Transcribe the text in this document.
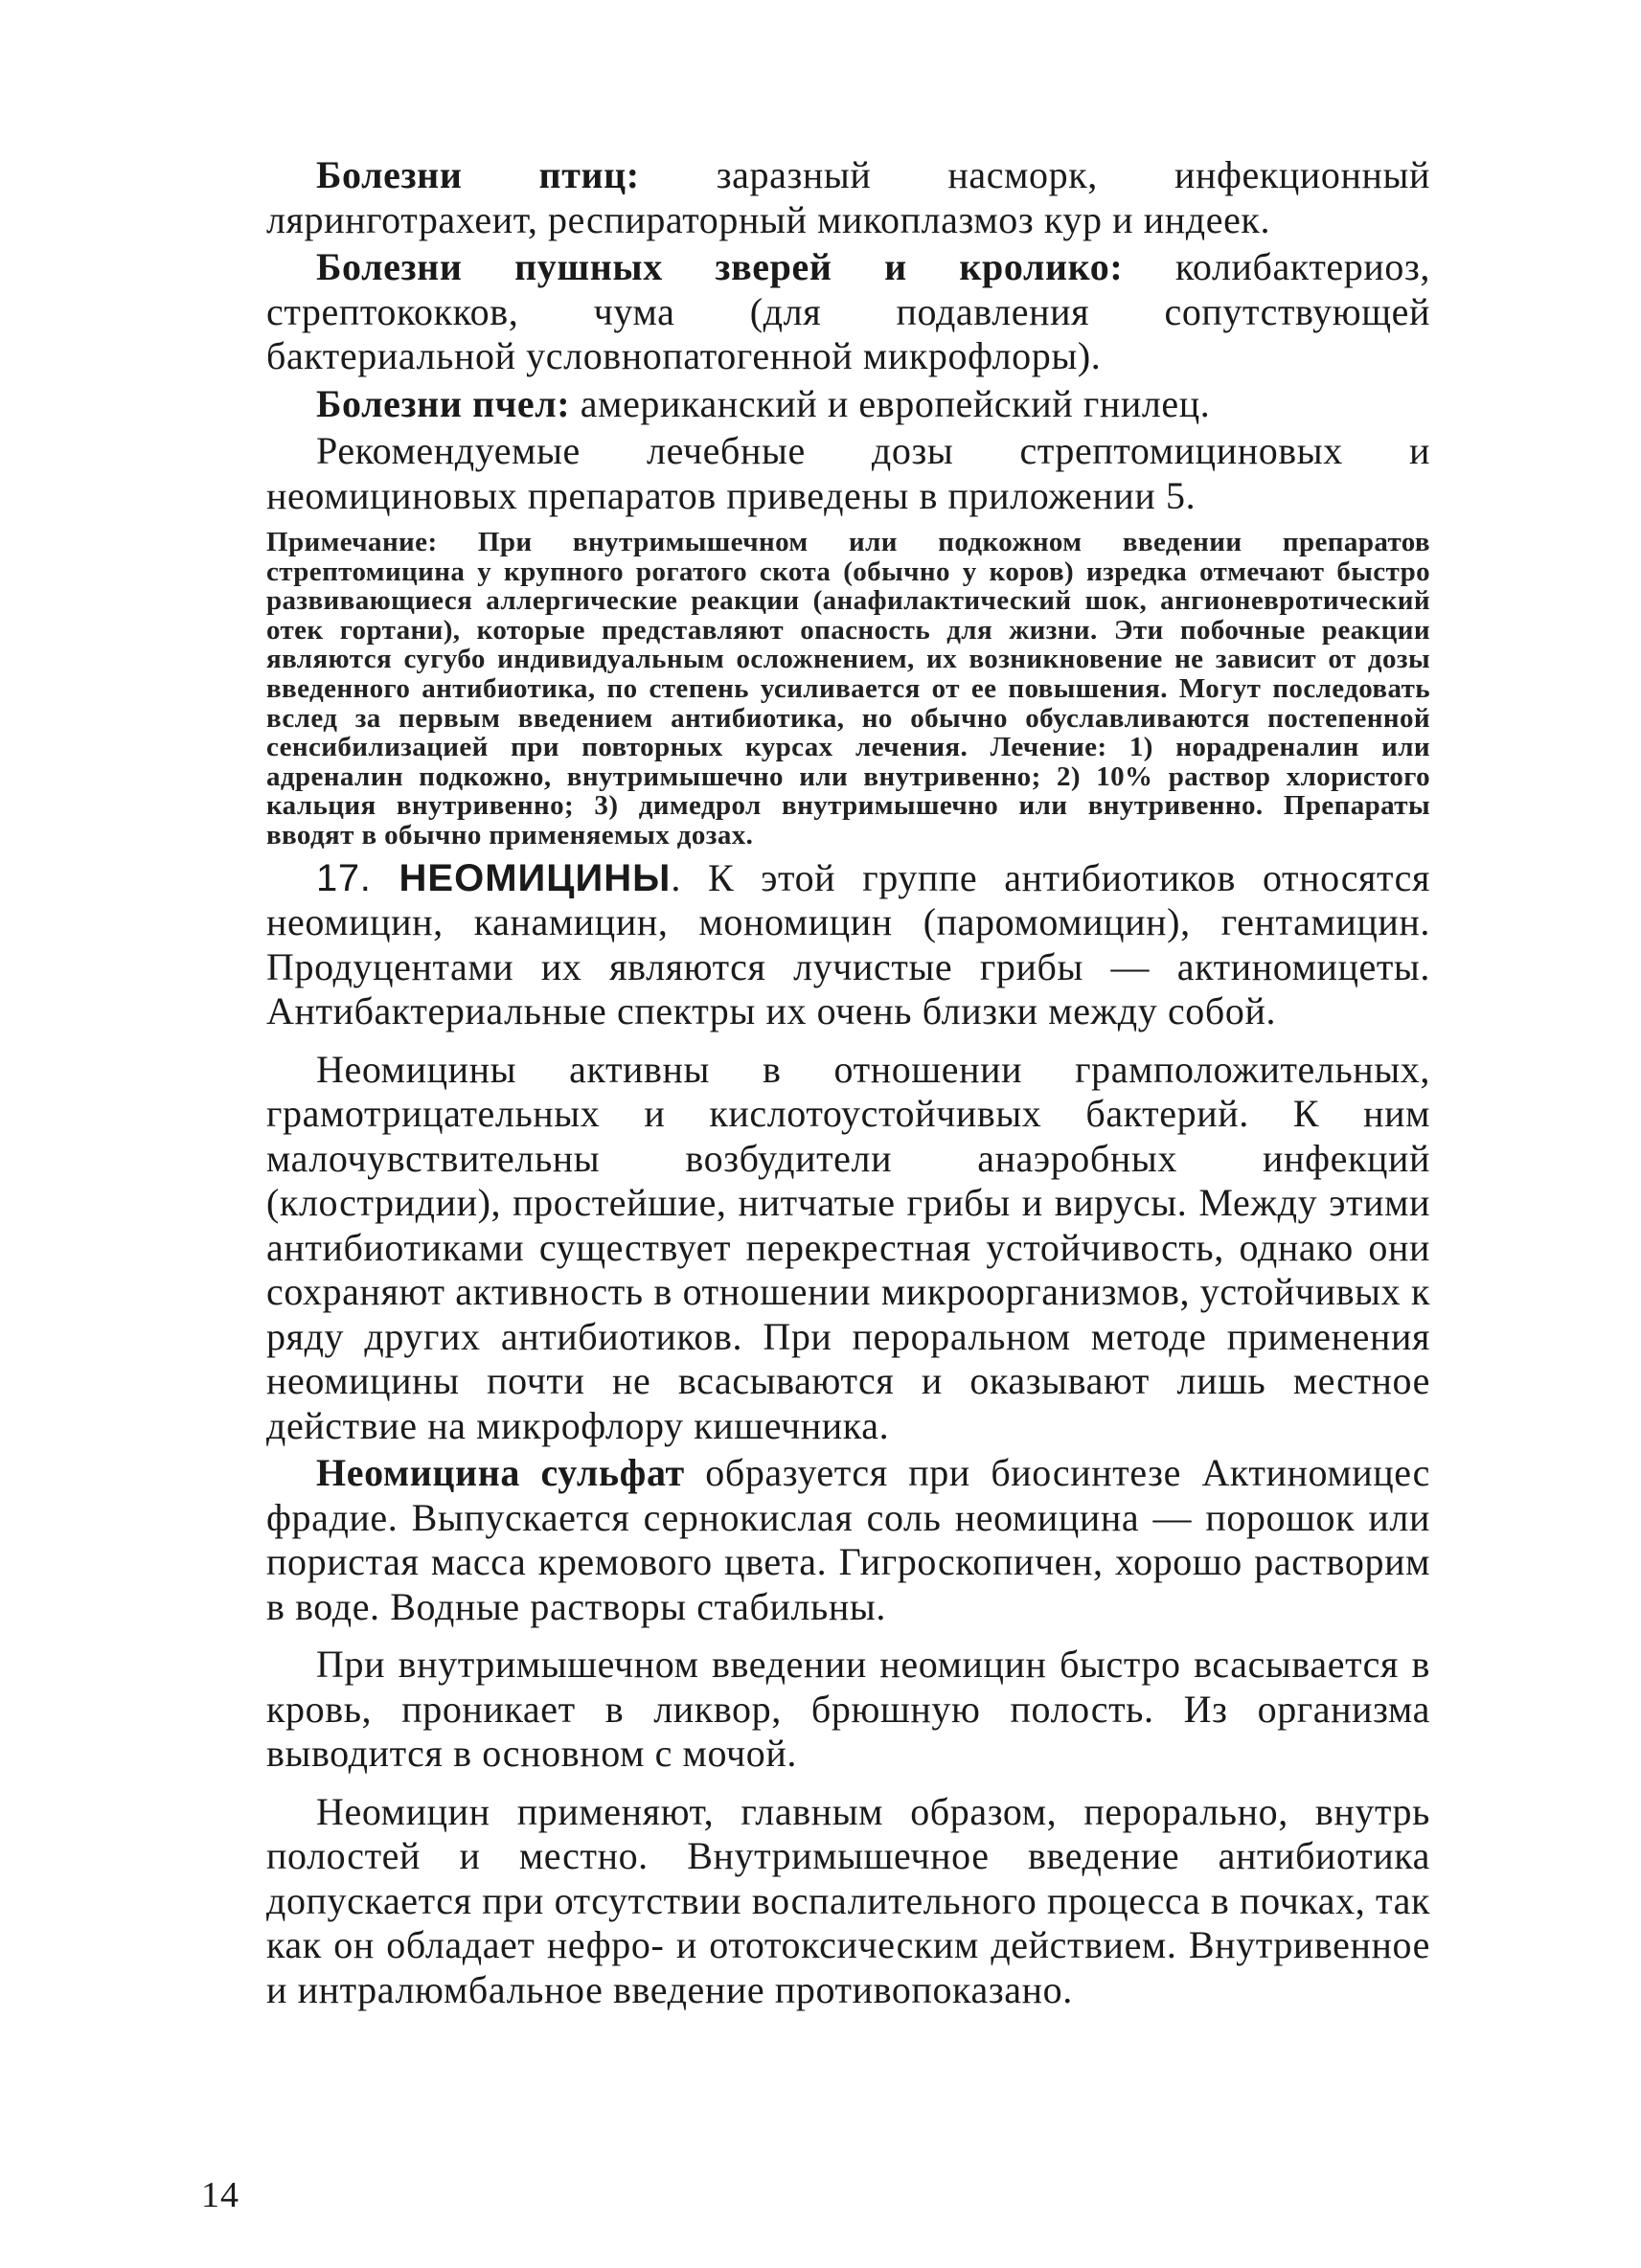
Болезни птиц: заразный насморк, инфекционный ляринготрахеит, респираторный микоплазмоз кур и индеек.

Болезни пушных зверей и кролико: колибактериоз, стрептококков, чума (для подавления сопутствующей бактериальной условнопатогенной микрофлоры).

Болезни пчел: американский и европейский гнилец.

Рекомендуемые лечебные дозы стрептомициновых и неомициновых препаратов приведены в приложении 5.

Примечание: При внутримышечном или подкожном введении препаратов стрептомицина у крупного рогатого скота (обычно у коров) изредка отмечают быстро развивающиеся аллергические реакции (анафилактический шок, ангионевротический отек гортани), которые представляют опасность для жизни. Эти побочные реакции являются сугубо индивидуальным осложнением, их возникновение не зависит от дозы введенного антибиотика, по степень усиливается от ее повышения. Могут последовать вслед за первым введением антибиотика, но обычно обуславливаются постепенной сенсибилизацией при повторных курсах лечения. Лечение: 1) норадреналин или адреналин подкожно, внутримышечно или внутривенно; 2) 10% раствор хлористого кальция внутривенно; 3) димедрол внутримышечно или внутривенно. Препараты вводят в обычно применяемых дозах.

17. НЕОМИЦИНЫ. К этой группе антибиотиков относятся неомицин, канамицин, мономицин (паромомицин), гентамицин. Продуцентами их являются лучистые грибы — актиномицеты. Антибактериальные спектры их очень близки между собой.

Неомицины активны в отношении грамположительных, грамотрицательных и кислотоустойчивых бактерий. К ним малочувствительны возбудители анаэробных инфекций (клостридии), простейшие, нитчатые грибы и вирусы. Между этими антибиотиками существует перекрестная устойчивость, однако они сохраняют активность в отношении микроорганизмов, устойчивых к ряду других антибиотиков. При пероральном методе применения неомицины почти не всасываются и оказывают лишь местное действие на микрофлору кишечника.

Неомицина сульфат образуется при биосинтезе Актиномицес фрадие. Выпускается сернокислая соль неомицина — порошок или пористая масса кремового цвета. Гигроскопичен, хорошо растворим в воде. Водные растворы стабильны.

При внутримышечном введении неомицин быстро всасывается в кровь, проникает в ликвор, брюшную полость. Из организма выводится в основном с мочой.

Неомицин применяют, главным образом, перорально, внутрь полостей и местно. Внутримышечное введение антибиотика допускается при отсутствии воспалительного процесса в почках, так как он обладает нефро- и ототоксическим действием. Внутривенное и интралюмбальное введение противопоказано.

14
